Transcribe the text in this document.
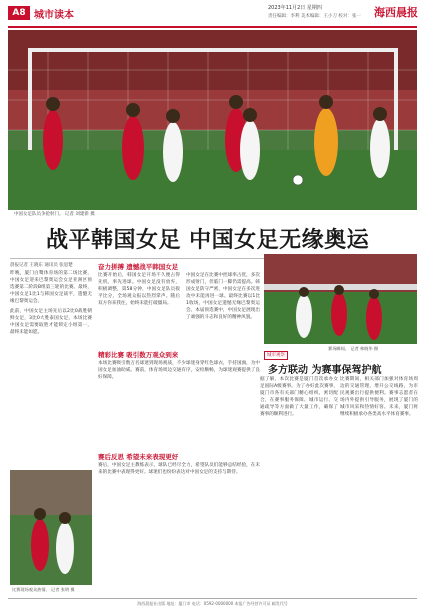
A8 城市读本
2023年11月2日 星期四
责任编辑：李利 美术编辑：王小刀 校对：张一 海西晨报
中国女足队员争抢射门。 记者 刘建新 摄
战平韩国女足 中国女足无缘奥运
晨报记者 王晓东 通讯员 张思楚

昨晚，厦门白鹭体育场的第二场比赛，中国女足迎来巴黎奥运会女足亚洲区预选赛第二阶段B组第三轮的比赛。最终，中国女足1比1与韩国女足战平，遗憾无缘巴黎奥运会。

此前，中国女足主场先后以2比0战胜朝鲜女足，3比0大胜泰国女足，本场比赛中国女足需要取胜才能锁定小组第一，最终未能如愿。

比赛现场观众热情。 记者 张明 摄
奋力拼搏 遗憾战平韩国女足

比赛开始后，韩国女足开场不久便占得先机，率先进球。中国女足没有放弃，积极调整，第58分钟，中国女足队员扳平比分，全场观众报以热烈掌声。随后双方你来我往，始终未能打破僵局。

中国女足在比赛中控球率占优，多次形成射门，但临门一脚仍需提高。韩国女足防守严密，中国女足在多次进攻中未能再进一球。最终比赛以1比1收场，中国女足遗憾无缘巴黎奥运会。本届预选赛中，中国女足展现出了顽强的斗志和良好的精神风貌。

精彩比赛 吸引数万观众到来

本场比赛吸引数万名球迷到现场观战，不少球迷身穿红色球衣，手持国旗，为中国女足加油助威。赛前，体育场周边交通有序，安检顺畅，为球迷观赛提供了良好保障。

赛后反思 希望未来表现更好

赛后，中国女足主教练表示，球队已经尽全力，希望队员们能够总结经验，在未来的比赛中表现得更好。球迷们也纷纷表达对中国女足的支持与期待。

赛场瞬间。 记者 林晓华 摄
城市观察
多方联动 为赛事保驾护航

据了解，本次比赛是厦门首次承办女足国际A级赛事。为了办好此次赛事，厦门市各有关部门精心组织、密切配合，在赛事服务保障、城市运行、交通疏导等方面做了大量工作，确保了赛事的顺利进行。

比赛期间，相关部门加强对体育场周边的交通管理，增开公交线路，为市民观赛出行提供便利。赛事志愿者在场内外提供引导服务，展现了厦门的城市风采和热情好客。未来，厦门将继续积极承办各类高水平体育赛事。

海西晨报社出版 地址：厦门市 电话：0592-0000000 本报广告经营许可证 邮发代号
